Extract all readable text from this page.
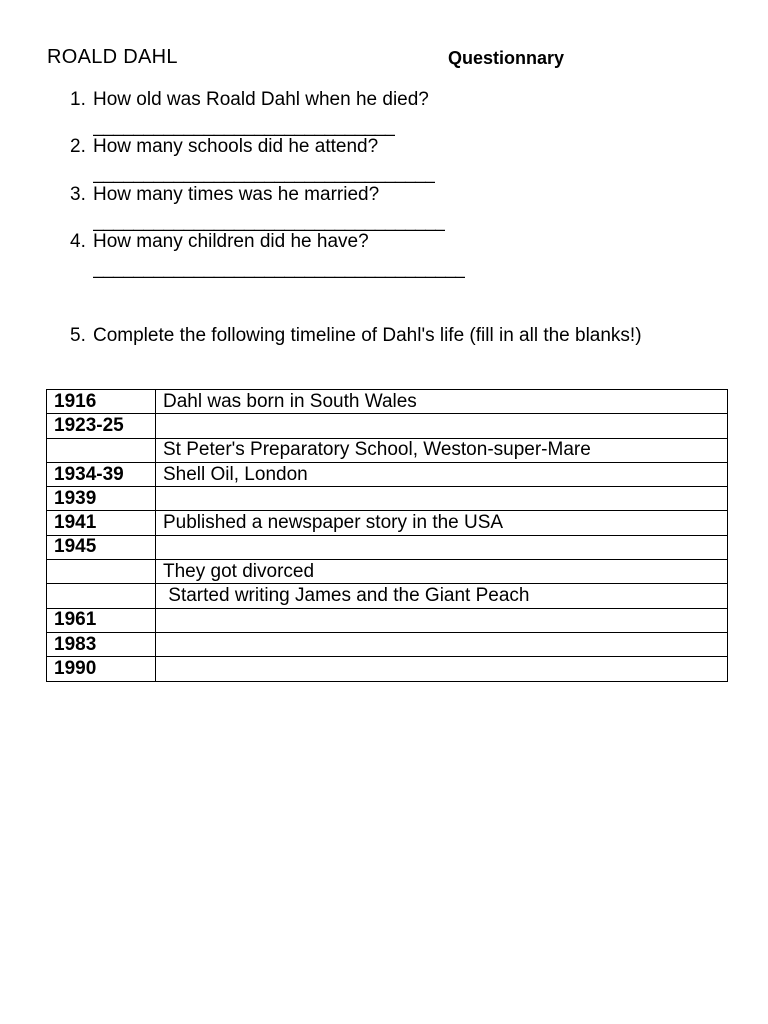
ROALD DAHL	Questionnary
1. How old was Roald Dahl when he died?
______________________________
2. How many schools did he attend?
__________________________________
3. How many times was he married?
___________________________________
4. How many children did he have?
_____________________________________
5. Complete the following timeline of Dahl's life (fill in all the blanks!)
1916	Dahl was born in South Wales
1923-25	
	St Peter's Preparatory School, Weston-super-Mare
1934-39	Shell Oil, London
1939	
1941	Published a newspaper story in the USA
1945	
	They got divorced
	Started writing James and the Giant Peach
1961	
1983	
1990	
